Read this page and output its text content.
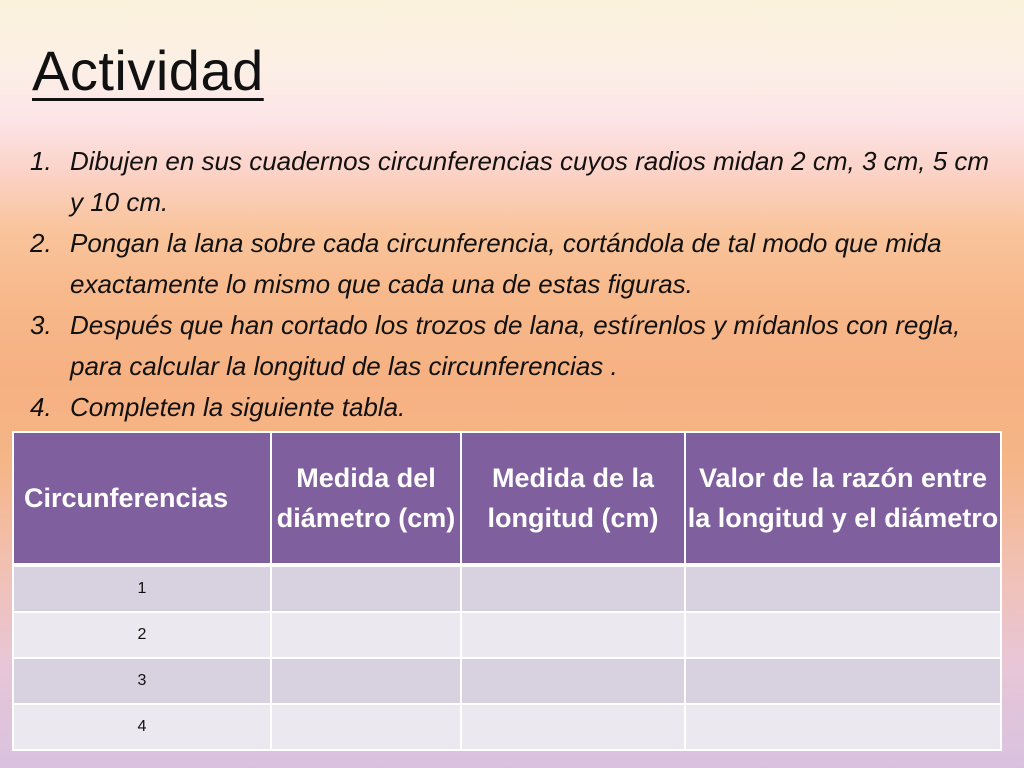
Actividad
1. Dibujen en sus cuadernos circunferencias cuyos radios midan 2 cm, 3 cm, 5 cm y 10 cm.
2. Pongan la lana sobre cada circunferencia, cortándola de tal modo que mida exactamente lo mismo que cada una de estas figuras.
3. Después que han cortado los trozos de lana, estírenlos y mídanlos con regla, para calcular la longitud de las circunferencias .
4. Completen la siguiente tabla.
Circunferencias	Medida del diámetro (cm)	Medida de la longitud (cm)	Valor de la razón entre la longitud y el diámetro
1			
2			
3			
4			
